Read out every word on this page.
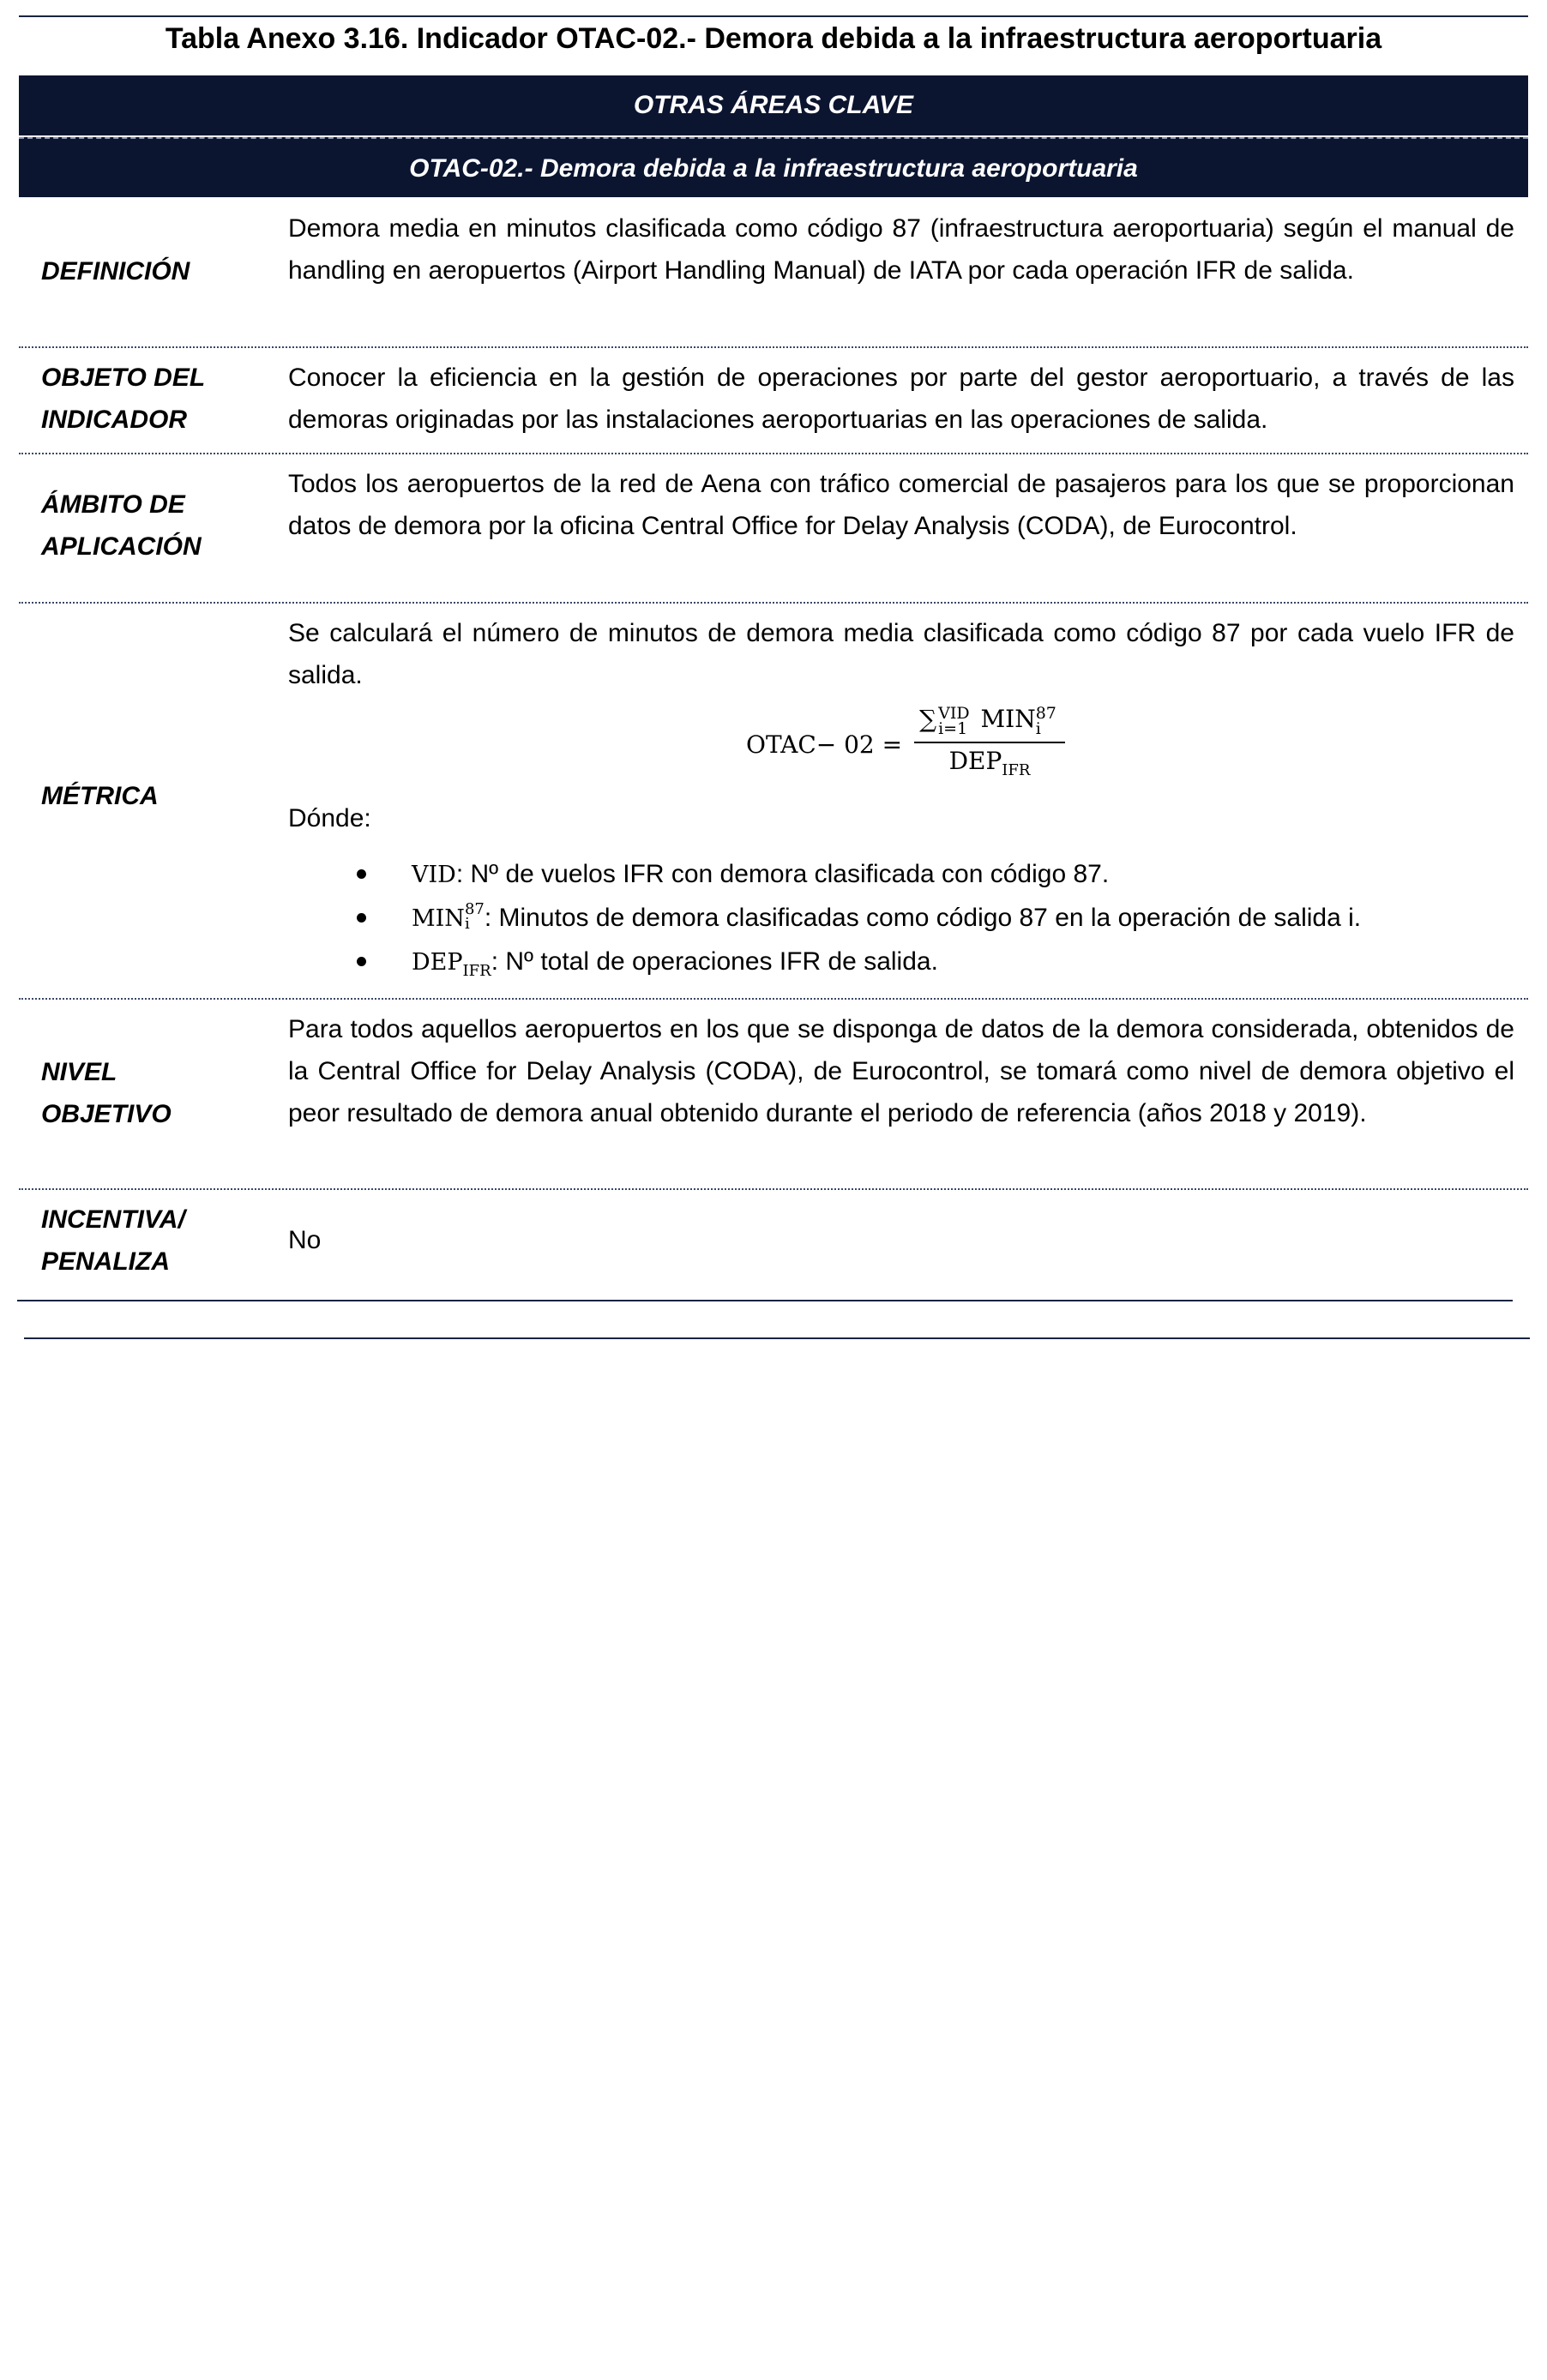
Tabla Anexo 3.16. Indicador OTAC-02.- Demora debida a la infraestructura aeroportuaria
OTRAS ÁREAS CLAVE
OTAC-02.- Demora debida a la infraestructura aeroportuaria
DEFINICIÓN
Demora media en minutos clasificada como código 87 (infraestructura aeroportuaria) según el manual de handling en aeropuertos (Airport Handling Manual) de IATA por cada operación IFR de salida.
OBJETO DEL
INDICADOR
Conocer la eficiencia en la gestión de operaciones por parte del gestor aeroportuario, a través de las demoras originadas por las instalaciones aeroportuarias en las operaciones de salida.
ÁMBITO DE
APLICACIÓN
Todos los aeropuertos de la red de Aena con tráfico comercial de pasajeros para los que se proporcionan datos de demora por la oficina Central Office for Delay Analysis (CODA), de Eurocontrol.
MÉTRICA
Se calculará el número de minutos de demora media clasificada como código 87 por cada vuelo IFR de salida.
OTAC− 02 = ∑ VID
i=1 MIN 87
i
$DEP_{IFR}$
Dónde:
VID: Nº de vuelos IFR con demora clasificada con código 87.
MIN 87
i : Minutos de demora clasificadas como código 87 en la operación de salida i.
$DEP_{IFR}$: Nº total de operaciones IFR de salida.
NIVEL
OBJETIVO
Para todos aquellos aeropuertos en los que se disponga de datos de la demora considerada, obtenidos de la Central Office for Delay Analysis (CODA), de Eurocontrol, se tomará como nivel de demora objetivo el peor resultado de demora anual obtenido durante el periodo de referencia (años 2018 y 2019).
INCENTIVA/
PENALIZA
No
